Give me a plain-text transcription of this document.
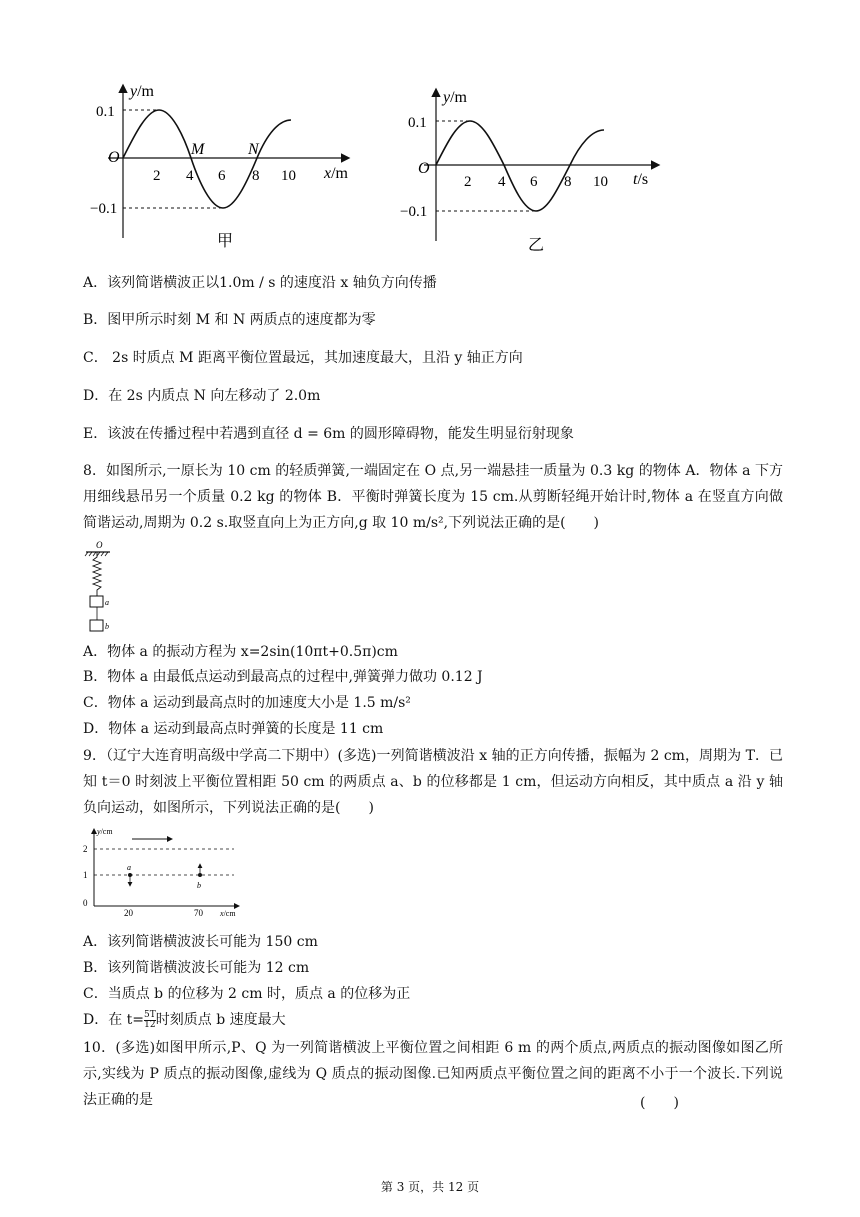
y/m
0.1
−0.1
O
2 4 6 8 10
M	N
x/m
甲
y/m
0.1
−0.1
O
2 4 6 8 10 t/s
乙
A．该列简谐横波正以1.0m / s 的速度沿 x 轴负方向传播
B．图甲所示时刻 M 和 N 两质点的速度都为零
C． 2s 时质点 M 距离平衡位置最远，其加速度最大，且沿 y 轴正方向
D．在 2s 内质点 N 向左移动了 2.0m
E．该波在传播过程中若遇到直径 d = 6m 的圆形障碍物，能发生明显衍射现象
8．如图所示,一原长为 10 cm 的轻质弹簧,一端固定在 O 点,另一端悬挂一质量为 0.3 kg 的物体 A．物体 a 下方用细线悬吊另一个质量 0.2 kg 的物体 B．平衡时弹簧长度为 15 cm.从剪断轻绳开始计时,物体 a 在竖直方向做简谐运动,周期为 0.2 s.取竖直向上为正方向,g 取 10 m/s²,下列说法正确的是(　　)
O
a
b
A．物体 a 的振动方程为 x=2sin(10πt+0.5π)cm
B．物体 a 由最低点运动到最高点的过程中,弹簧弹力做功 0.12 J
C．物体 a 运动到最高点时的加速度大小是 1.5 m/s²
D．物体 a 运动到最高点时弹簧的长度是 11 cm
9．（辽宁大连育明高级中学高二下期中）(多选)一列简谐横波沿 x 轴的正方向传播，振幅为 2 cm，周期为 T．已知 t＝0 时刻波上平衡位置相距 50 cm 的两质点 a、b 的位移都是 1 cm，但运动方向相反，其中质点 a 沿 y 轴负向运动，如图所示，下列说法正确的是(　　)
y/cm
x/cm
2
1
0
a
b
20	70
A．该列简谐横波波长可能为 150 cm
B．该列简谐横波波长可能为 12 cm
C．当质点 b 的位移为 2 cm 时，质点 a 的位移为正
D．在 $t= \frac{5T}{12}$ 时刻质点 b 速度最大
10．(多选)如图甲所示,P、Q 为一列简谐横波上平衡位置之间相距 6 m 的两个质点,两质点的振动图像如图乙所示,实线为 P 质点的振动图像,虚线为 Q 质点的振动图像.已知两质点平衡位置之间的距离不小于一个波长.下列说法正确的是	(　　)
第 3 页，共 12 页
